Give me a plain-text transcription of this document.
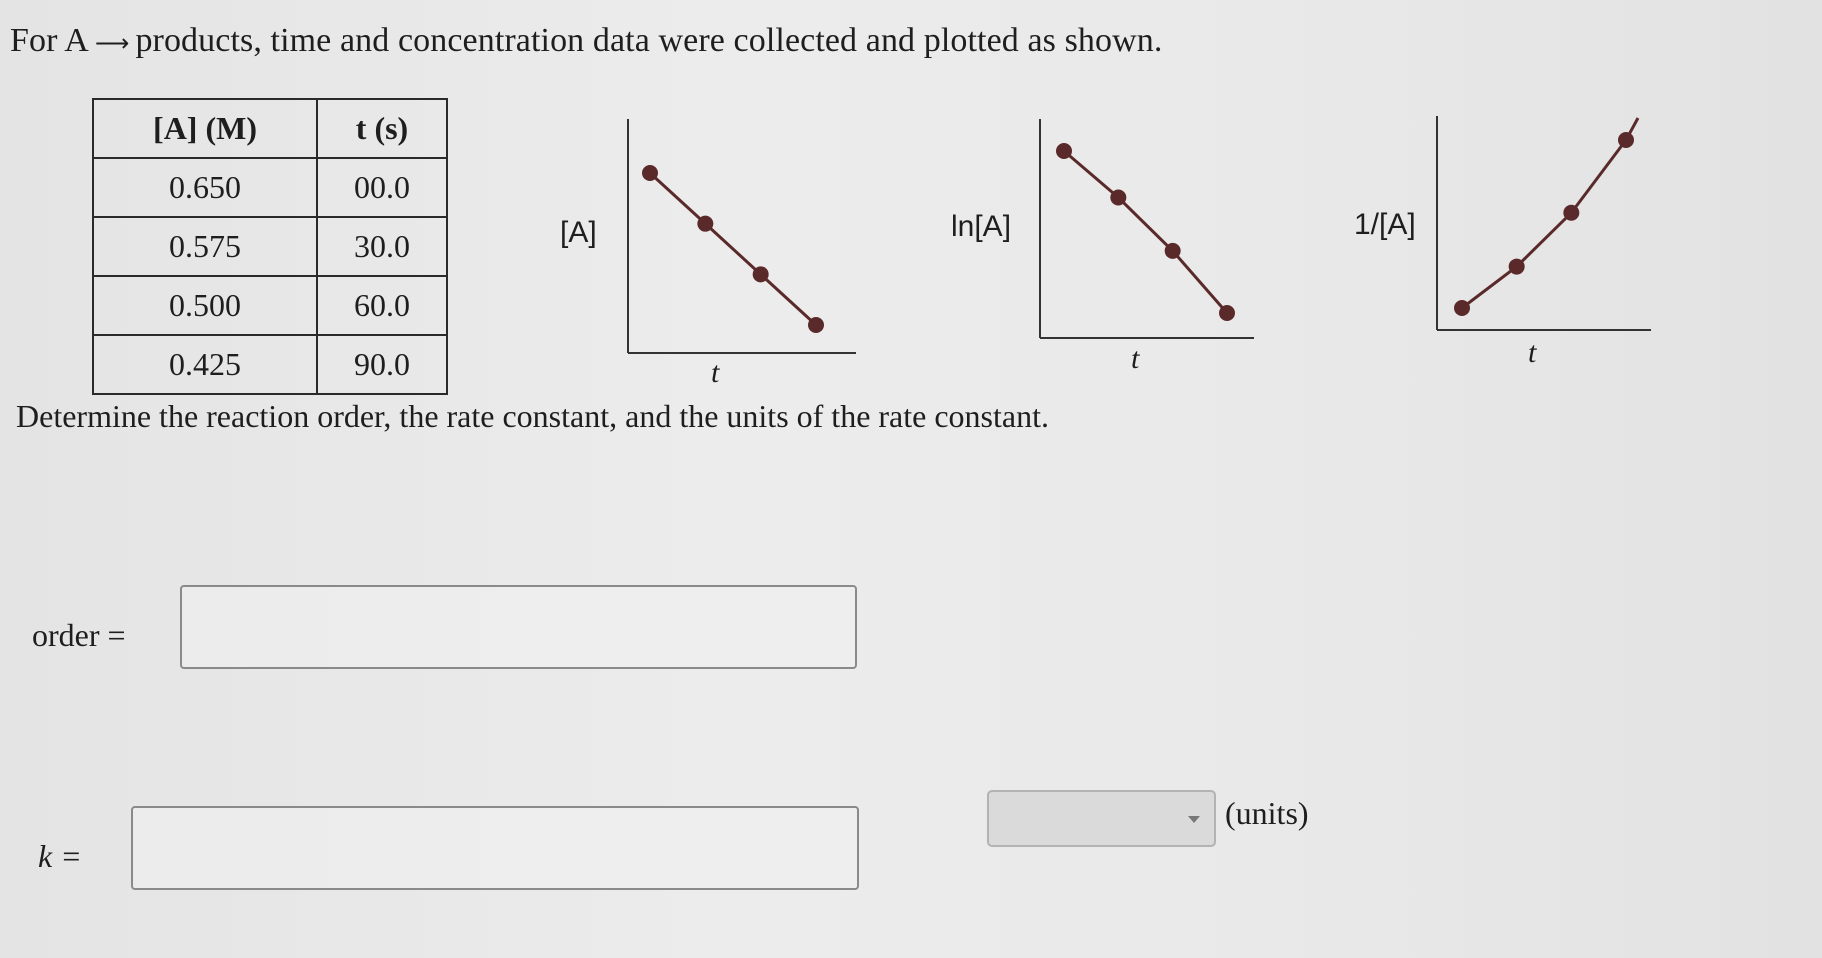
For A ⟶ products, time and concentration data were collected and plotted as shown.
[A] (M)	t (s)
0.650	00.0
0.575	30.0
0.500	60.0
0.425	90.0
[A]
t
ln[A]
t
1/[A]
t
Determine the reaction order, the rate constant, and the units of the rate constant.
order =
k =
(units)
